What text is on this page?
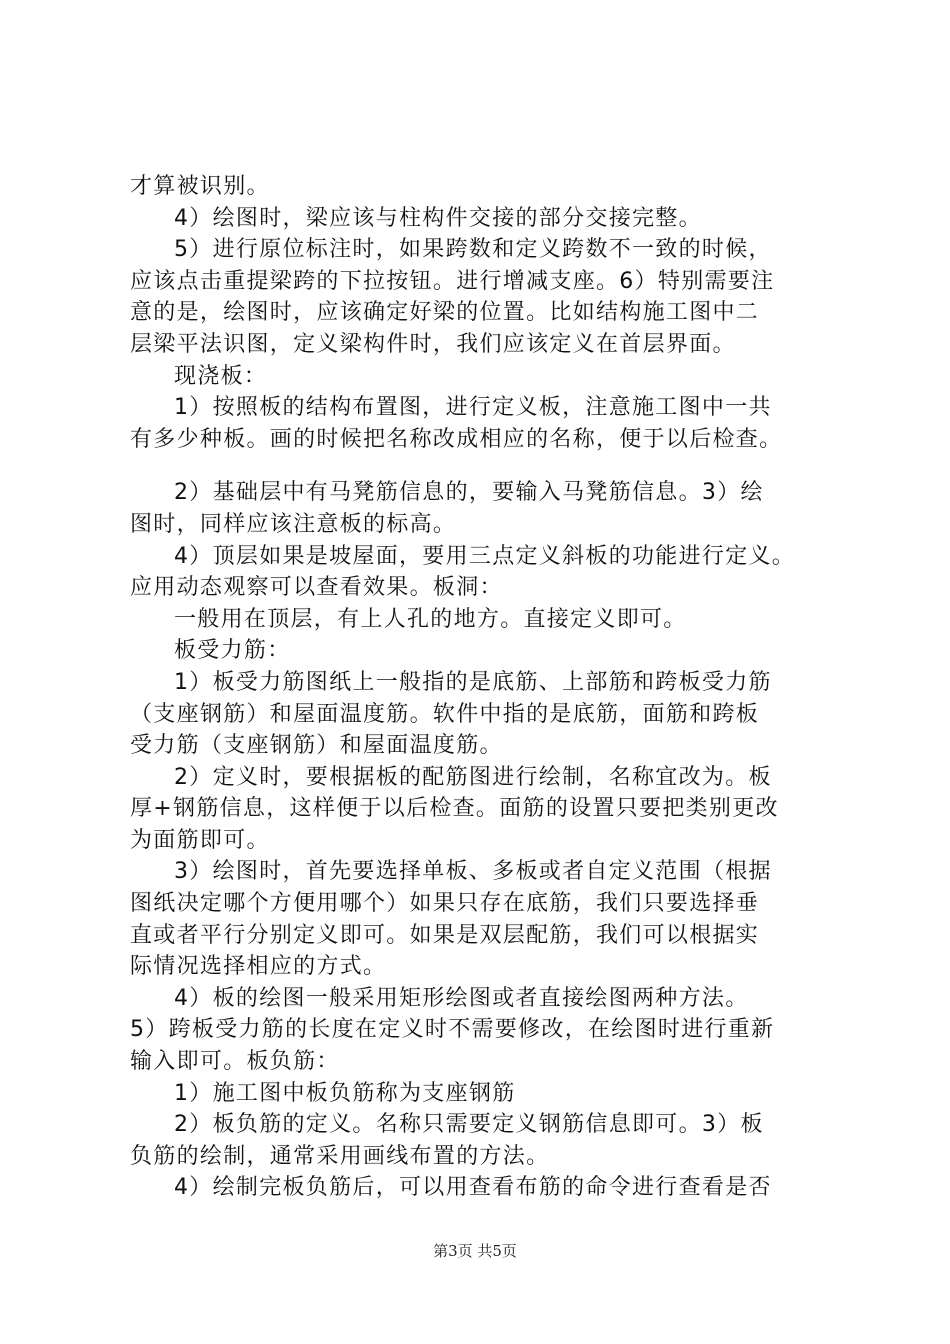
才算被识别。
4）绘图时，梁应该与柱构件交接的部分交接完整。
5）进行原位标注时，如果跨数和定义跨数不一致的时候，
应该点击重提梁跨的下拉按钮。进行增减支座。6）特别需要注
意的是，绘图时，应该确定好梁的位置。比如结构施工图中二
层梁平法识图，定义梁构件时，我们应该定义在首层界面。
现浇板：
1）按照板的结构布置图，进行定义板，注意施工图中一共
有多少种板。画的时候把名称改成相应的名称，便于以后检查。
2）基础层中有马凳筋信息的，要输入马凳筋信息。3）绘
图时，同样应该注意板的标高。
4）顶层如果是坡屋面，要用三点定义斜板的功能进行定义。
应用动态观察可以查看效果。板洞：
一般用在顶层，有上人孔的地方。直接定义即可。
板受力筋：
1）板受力筋图纸上一般指的是底筋、上部筋和跨板受力筋
（支座钢筋）和屋面温度筋。软件中指的是底筋，面筋和跨板
受力筋（支座钢筋）和屋面温度筋。
2）定义时，要根据板的配筋图进行绘制，名称宜改为。板
厚+钢筋信息，这样便于以后检查。面筋的设置只要把类别更改
为面筋即可。
3）绘图时，首先要选择单板、多板或者自定义范围（根据
图纸决定哪个方便用哪个）如果只存在底筋，我们只要选择垂
直或者平行分别定义即可。如果是双层配筋，我们可以根据实
际情况选择相应的方式。
4）板的绘图一般采用矩形绘图或者直接绘图两种方法。
5）跨板受力筋的长度在定义时不需要修改，在绘图时进行重新
输入即可。板负筋：
1）施工图中板负筋称为支座钢筋
2）板负筋的定义。名称只需要定义钢筋信息即可。3）板
负筋的绘制，通常采用画线布置的方法。
4）绘制完板负筋后，可以用查看布筋的命令进行查看是否
第3页 共5页
